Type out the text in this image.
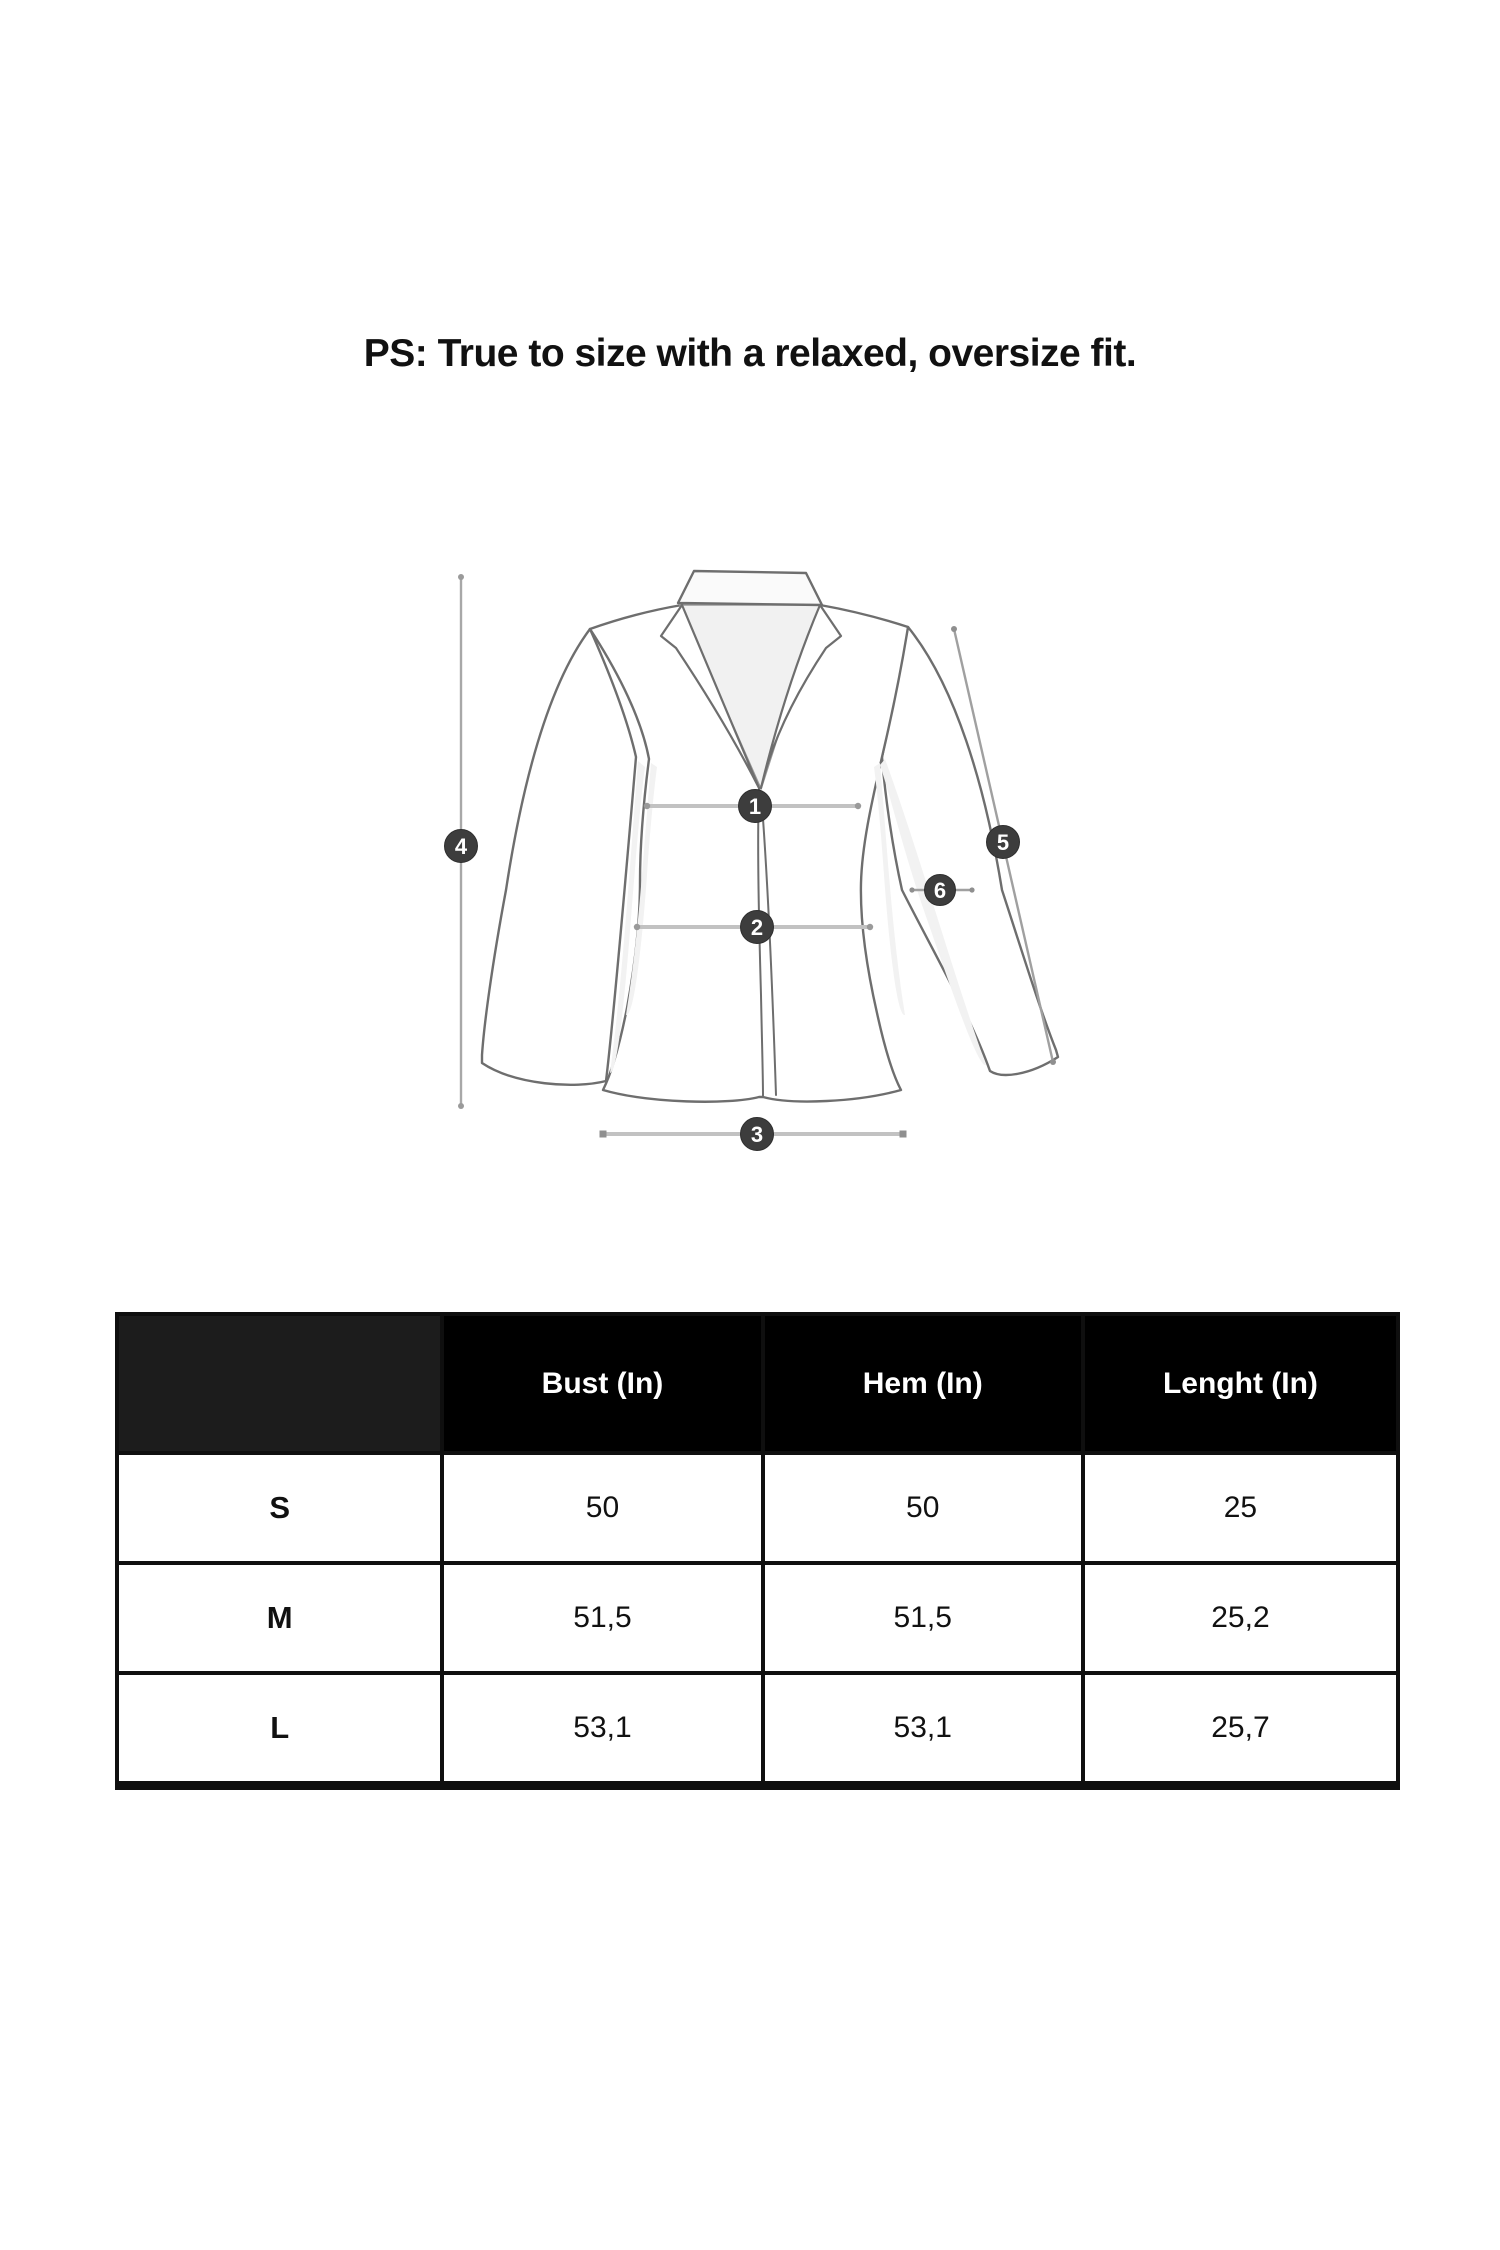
PS: True to size with a relaxed, oversize fit.
1
2
3
4	5
6
	Bust (In)	Hem (In)	Lenght (In)
S	50	50	25
M	51,5	51,5	25,2
L	53,1	53,1	25,7
